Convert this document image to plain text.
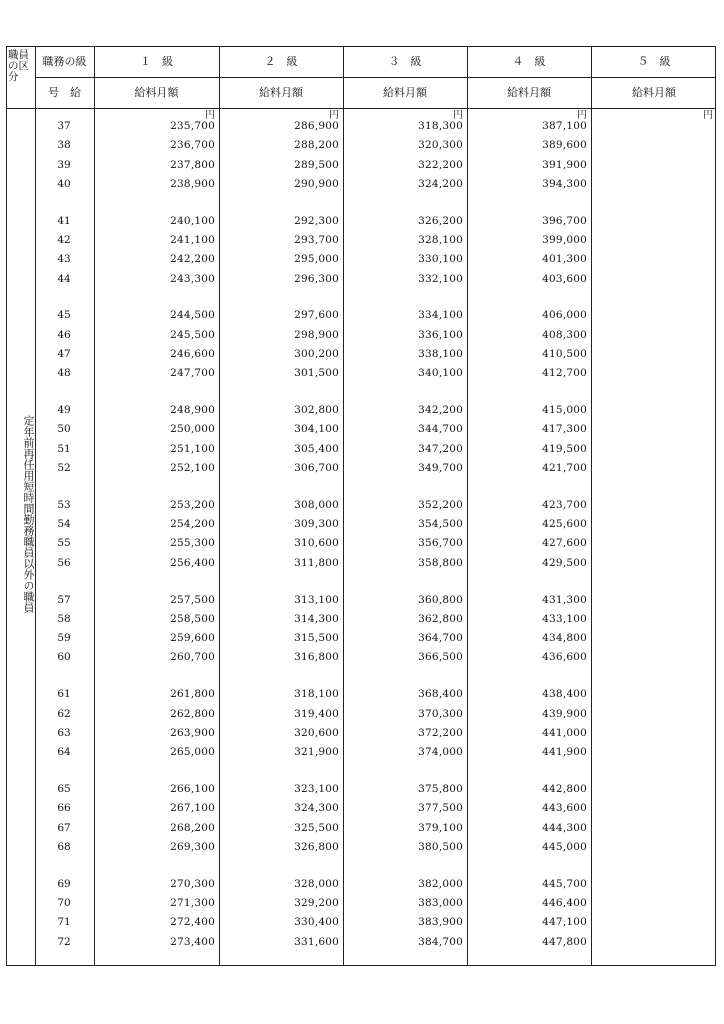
職員
の区
分
職務の級
号　給
１　級	２　級	３　級	４　級	５　級
給料月額	給料月額	給料月額	給料月額	給料月額
円	円	円	円	円
定年前再任用短時間勤務職員以外の職員
37	235,700	286,900	318,300	387,100
38	236,700	288,200	320,300	389,600
39	237,800	289,500	322,200	391,900
40	238,900	290,900	324,200	394,300
41	240,100	292,300	326,200	396,700
42	241,100	293,700	328,100	399,000
43	242,200	295,000	330,100	401,300
44	243,300	296,300	332,100	403,600
45	244,500	297,600	334,100	406,000
46	245,500	298,900	336,100	408,300
47	246,600	300,200	338,100	410,500
48	247,700	301,500	340,100	412,700
49	248,900	302,800	342,200	415,000
50	250,000	304,100	344,700	417,300
51	251,100	305,400	347,200	419,500
52	252,100	306,700	349,700	421,700
53	253,200	308,000	352,200	423,700
54	254,200	309,300	354,500	425,600
55	255,300	310,600	356,700	427,600
56	256,400	311,800	358,800	429,500
57	257,500	313,100	360,800	431,300
58	258,500	314,300	362,800	433,100
59	259,600	315,500	364,700	434,800
60	260,700	316,800	366,500	436,600
61	261,800	318,100	368,400	438,400
62	262,800	319,400	370,300	439,900
63	263,900	320,600	372,200	441,000
64	265,000	321,900	374,000	441,900
65	266,100	323,100	375,800	442,800
66	267,100	324,300	377,500	443,600
67	268,200	325,500	379,100	444,300
68	269,300	326,800	380,500	445,000
69	270,300	328,000	382,000	445,700
70	271,300	329,200	383,000	446,400
71	272,400	330,400	383,900	447,100
72	273,400	331,600	384,700	447,800
